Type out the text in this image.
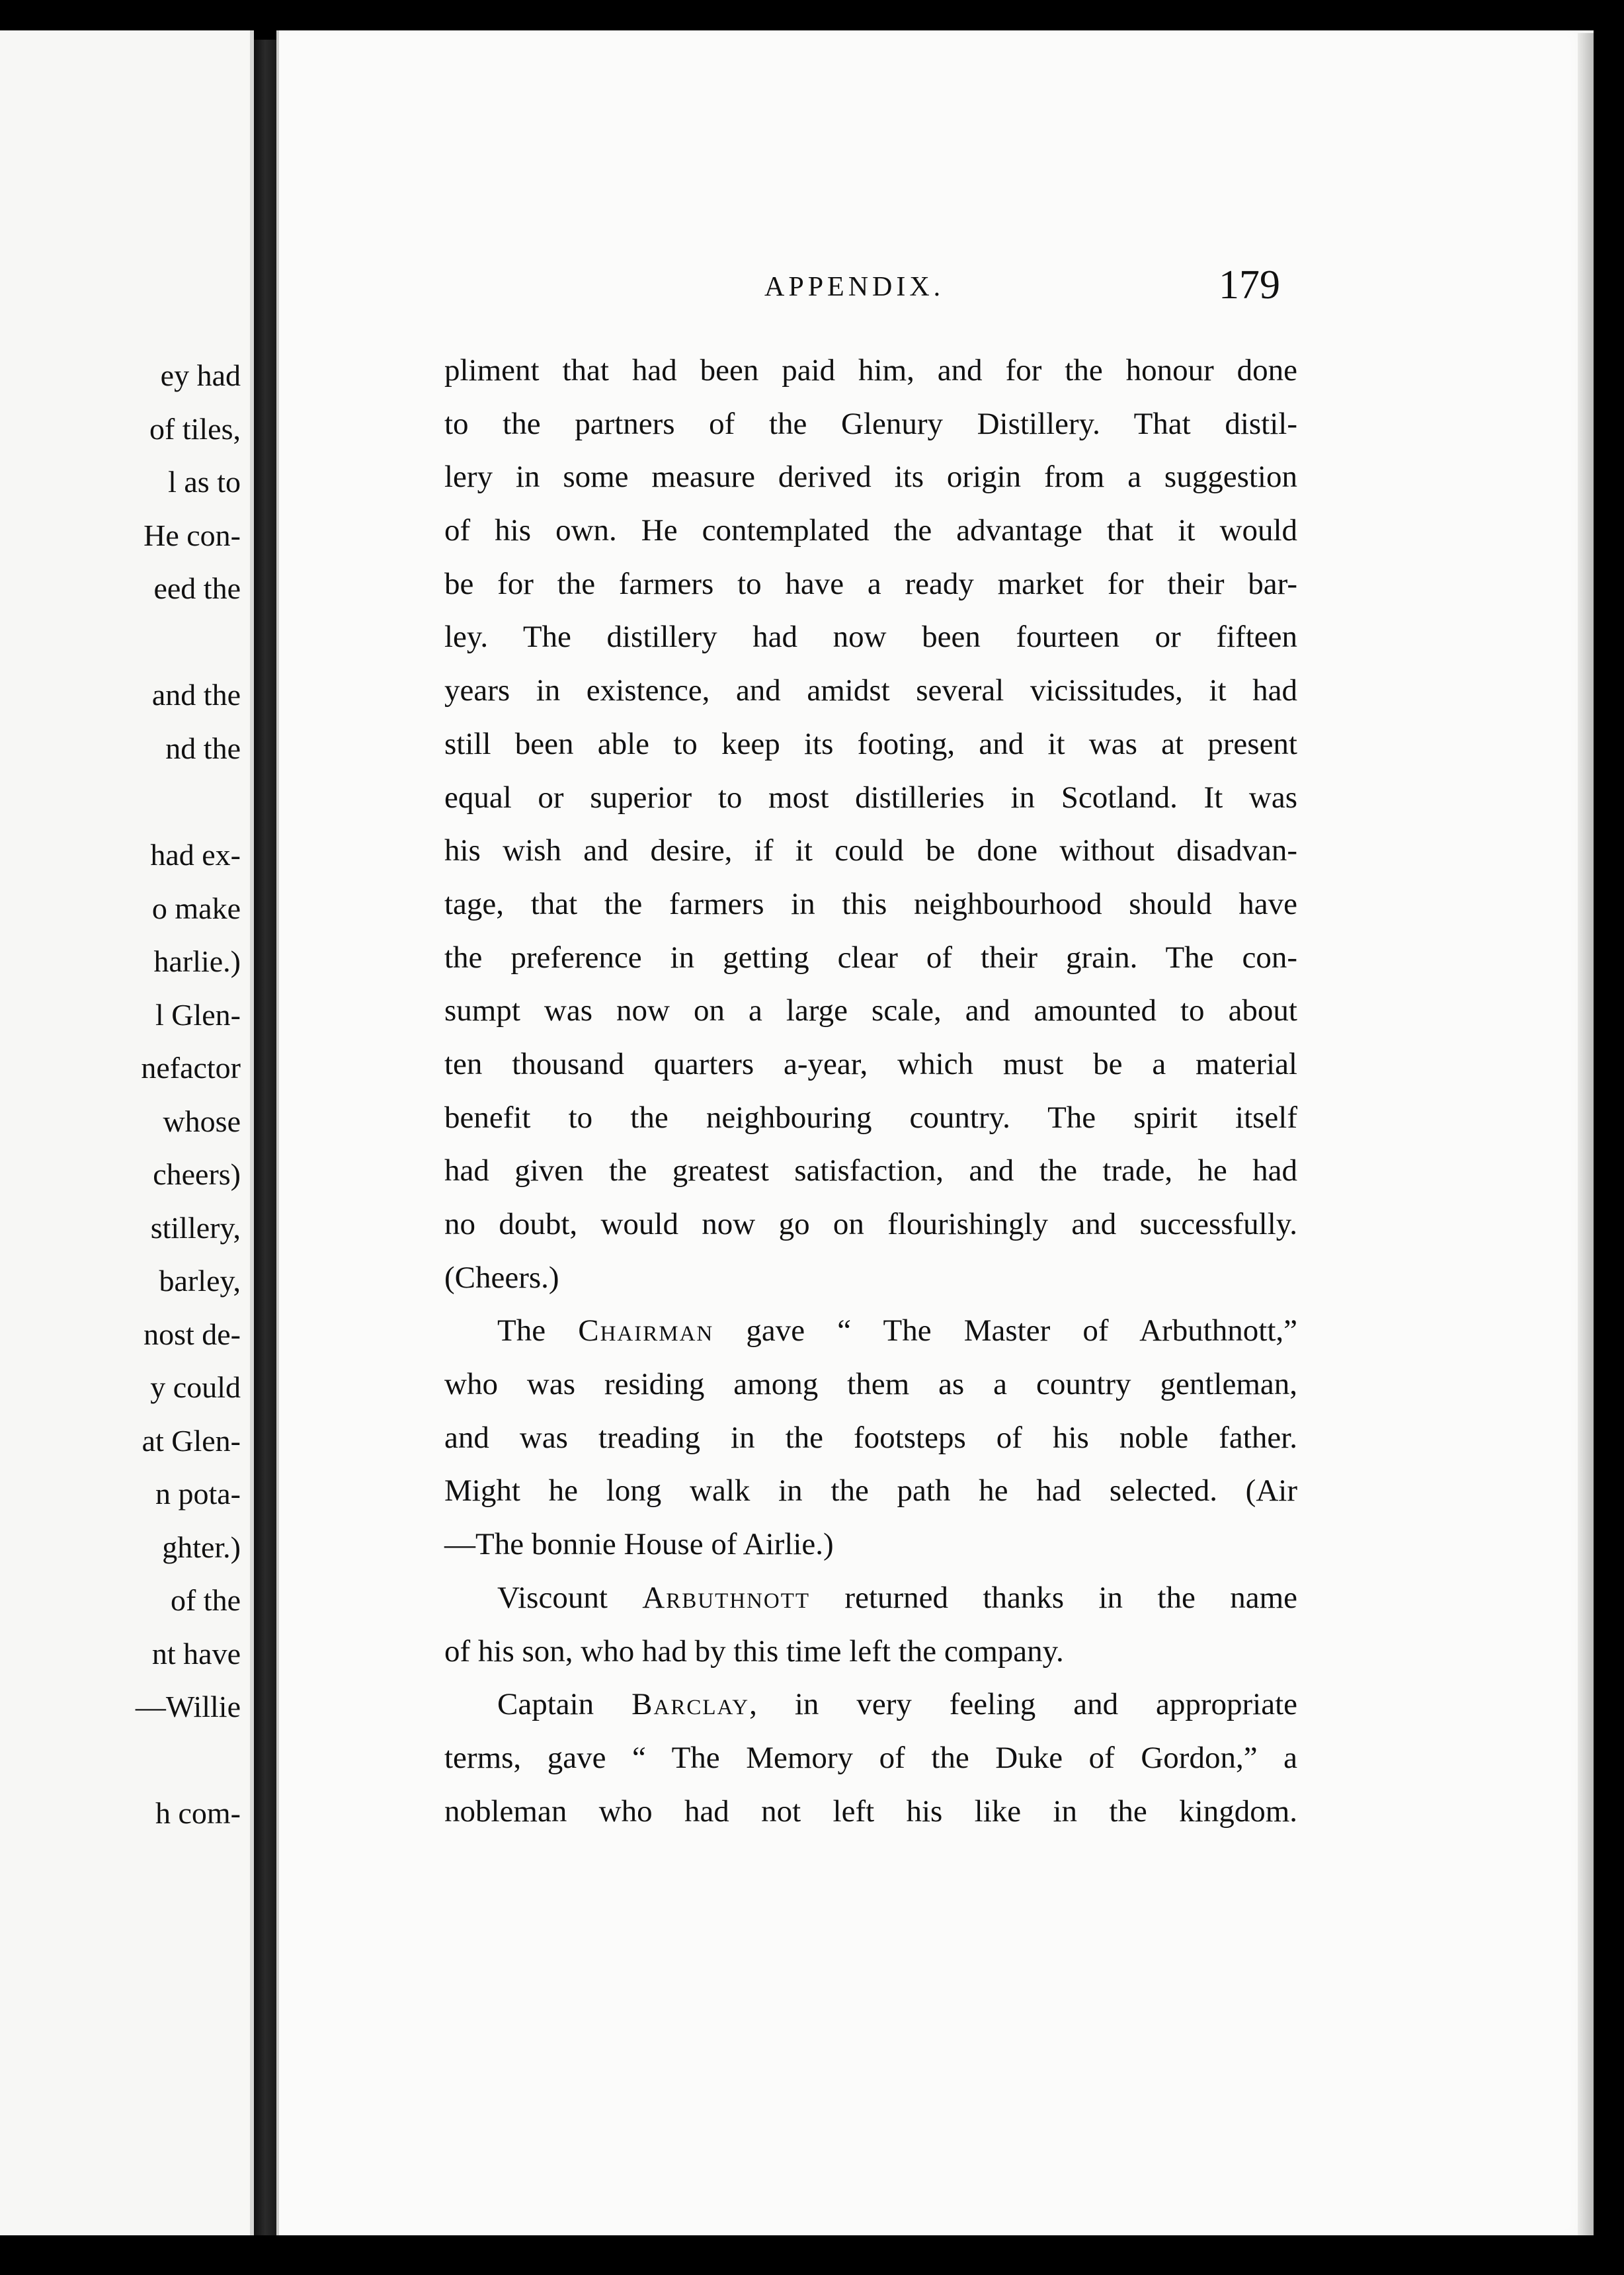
ey had
of tiles,
l as to
He con-
eed the
and the
nd the
had ex-
o make
harlie.)
l Glen-
nefactor
whose
cheers)
stillery,
barley,
nost de-
y could
at Glen-
n pota-
ghter.)
of the
nt have
—Willie
h com-
APPENDIX.	179
pliment that had been paid him, and for the honour done
to the partners of the Glenury Distillery. That distil-
lery in some measure derived its origin from a suggestion
of his own. He contemplated the advantage that it would
be for the farmers to have a ready market for their bar-
ley. The distillery had now been fourteen or fifteen
years in existence, and amidst several vicissitudes, it had
still been able to keep its footing, and it was at present
equal or superior to most distilleries in Scotland. It was
his wish and desire, if it could be done without disadvan-
tage, that the farmers in this neighbourhood should have
the preference in getting clear of their grain. The con-
sumpt was now on a large scale, and amounted to about
ten thousand quarters a-year, which must be a material
benefit to the neighbouring country. The spirit itself
had given the greatest satisfaction, and the trade, he had
no doubt, would now go on flourishingly and successfully.
(Cheers.)
The Chairman gave “ The Master of Arbuthnott,”
who was residing among them as a country gentleman,
and was treading in the footsteps of his noble father.
Might he long walk in the path he had selected. (Air
—The bonnie House of Airlie.)
Viscount Arbuthnott returned thanks in the name
of his son, who had by this time left the company.
Captain Barclay, in very feeling and appropriate
terms, gave “ The Memory of the Duke of Gordon,” a
nobleman who had not left his like in the kingdom.
